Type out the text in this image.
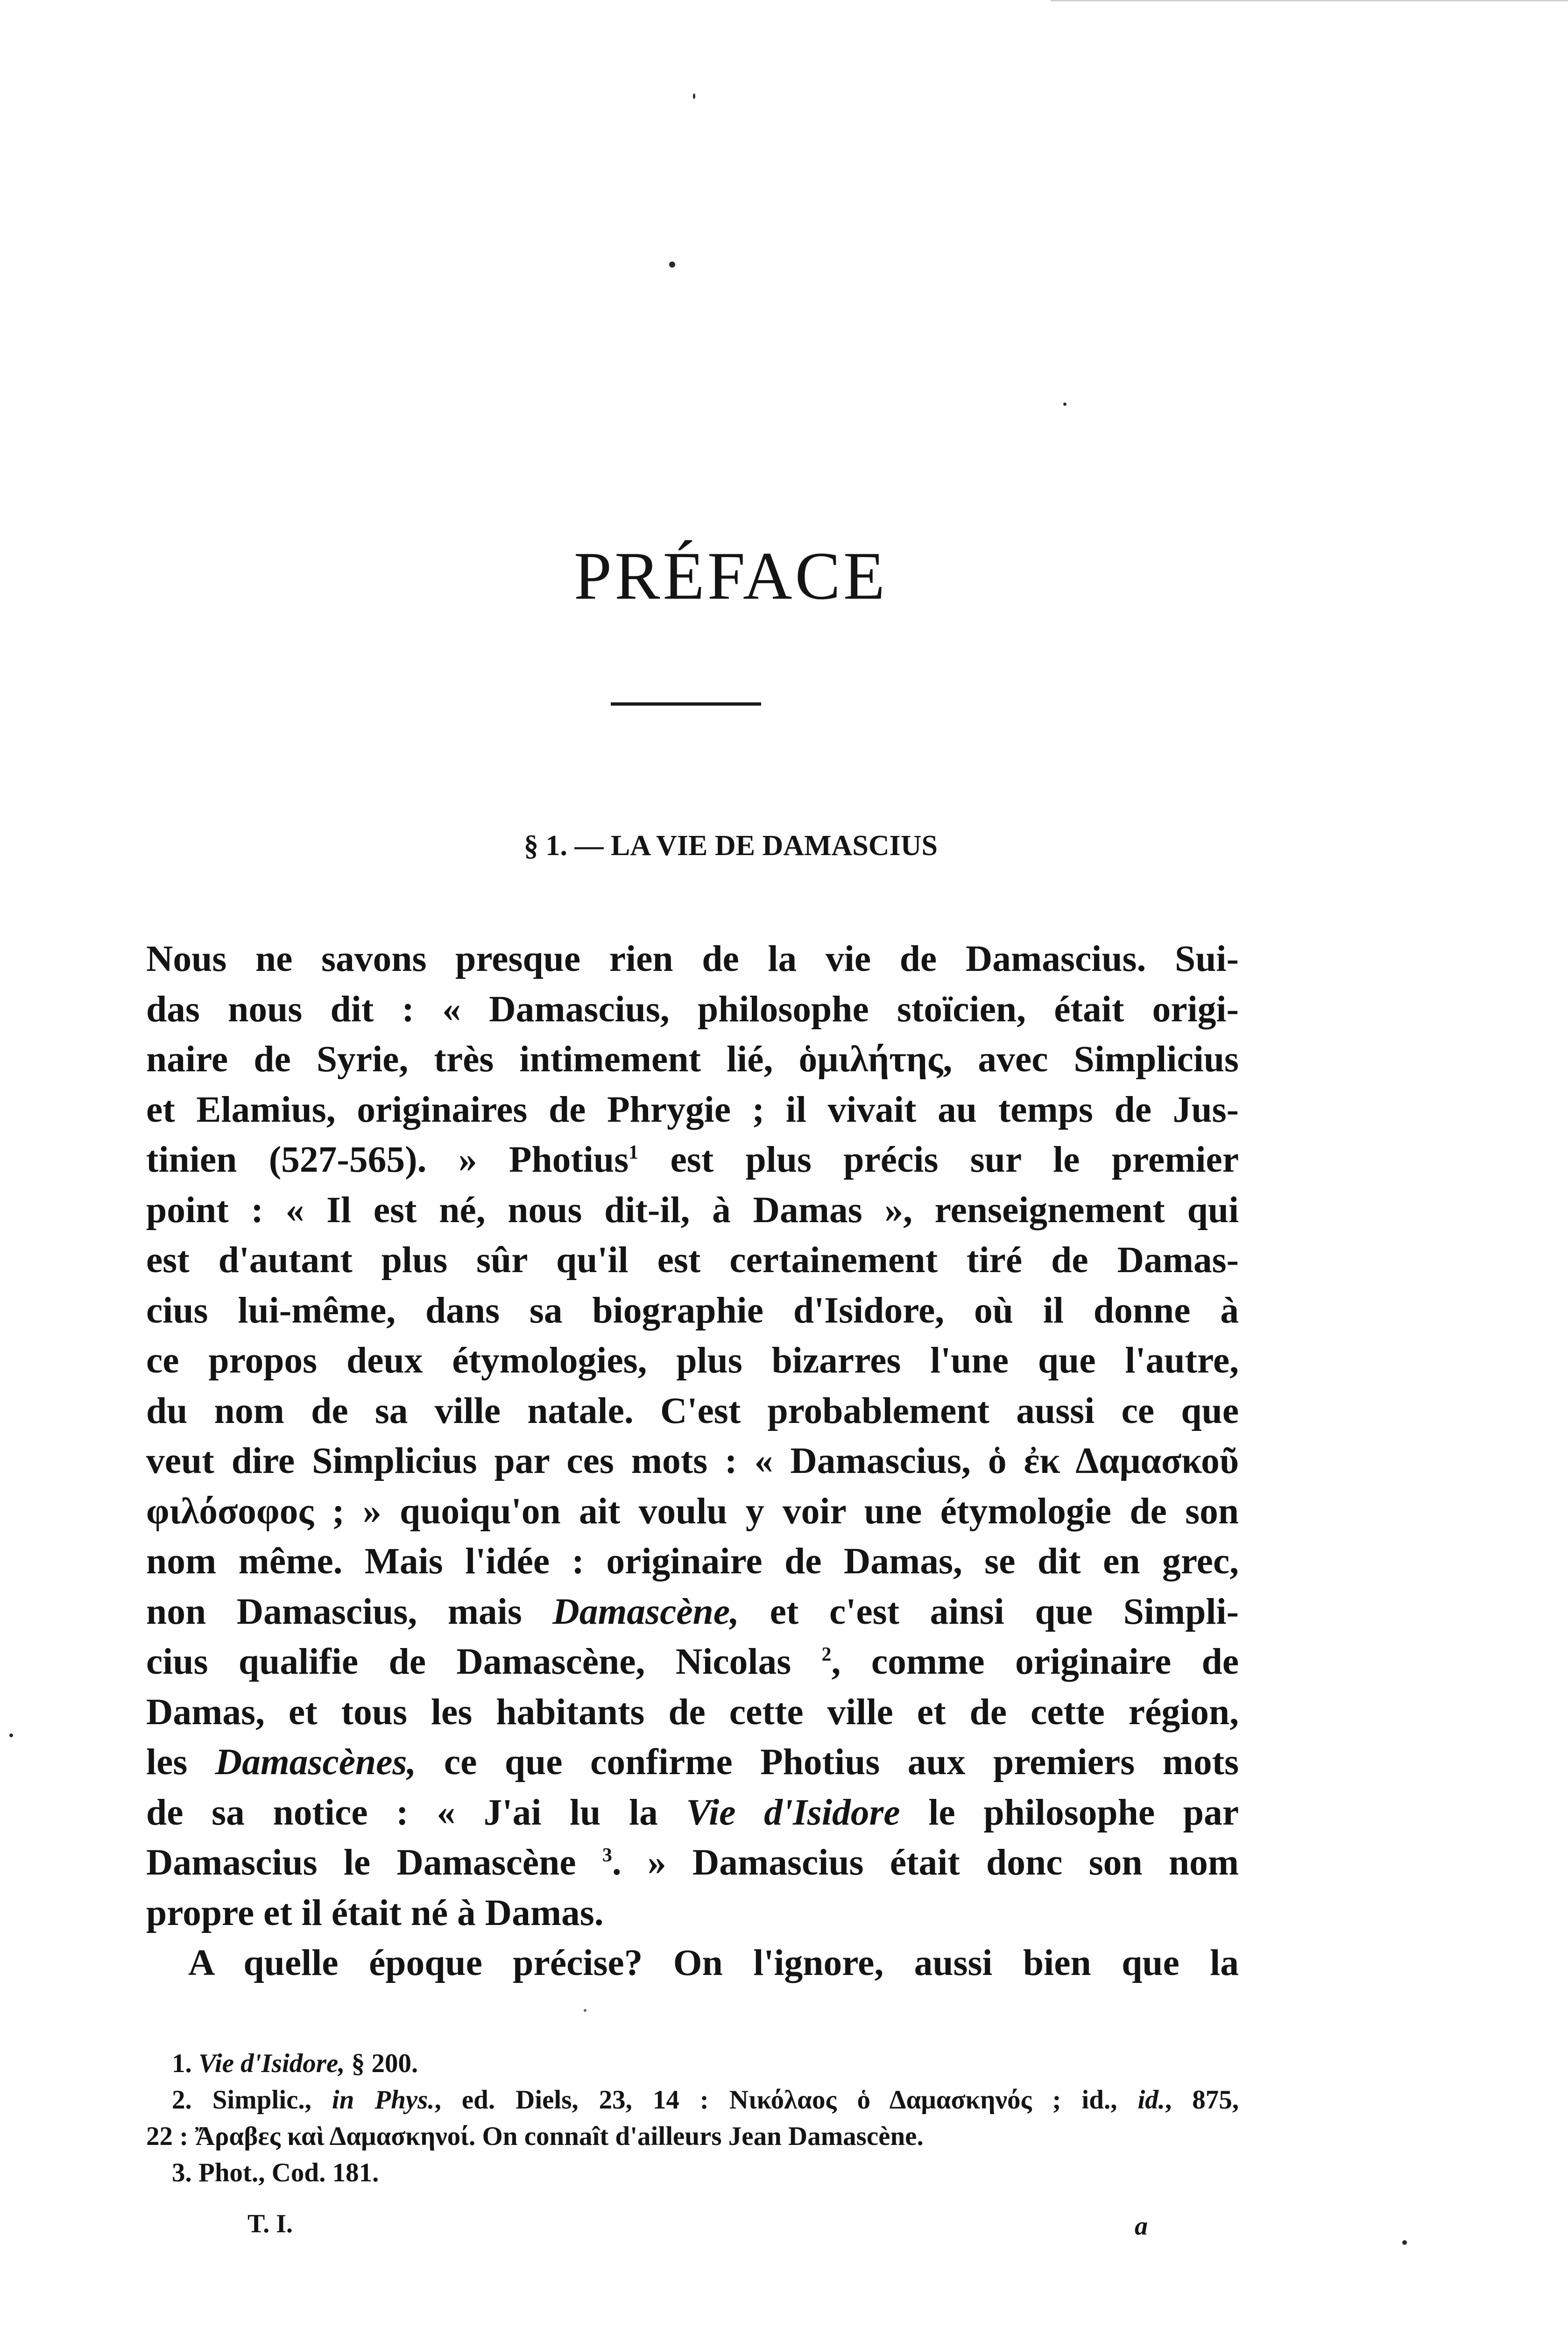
PRÉFACE
§ 1. — LA VIE DE DAMASCIUS
Nous ne savons presque rien de la vie de Damascius. Sui-
das nous dit : « Damascius, philosophe stoïcien, était origi-
naire de Syrie, très intimement lié, ὁμιλήτης, avec Simplicius
et Elamius, originaires de Phrygie ; il vivait au temps de Jus-
tinien (527-565). » Photius$^1$ est plus précis sur le premier
point : « Il est né, nous dit-il, à Damas », renseignement qui
est d'autant plus sûr qu'il est certainement tiré de Damas-
cius lui-même, dans sa biographie d'Isidore, où il donne à
ce propos deux étymologies, plus bizarres l'une que l'autre,
du nom de sa ville natale. C'est probablement aussi ce que
veut dire Simplicius par ces mots : « Damascius, ὁ ἐκ Δαμασκοῦ
φιλόσοφος ; » quoiqu'on ait voulu y voir une étymologie de son
nom même. Mais l'idée : originaire de Damas, se dit en grec,
non Damascius, mais Damascène, et c'est ainsi que Simpli-
cius qualifie de Damascène, Nicolas $^2$, comme originaire de
Damas, et tous les habitants de cette ville et de cette région,
les Damascènes, ce que confirme Photius aux premiers mots
de sa notice : « J'ai lu la Vie d'Isidore le philosophe par
Damascius le Damascène $^3$. » Damascius était donc son nom
propre et il était né à Damas.
A quelle époque précise? On l'ignore, aussi bien que la
1. Vie d'Isidore, § 200.
2. Simplic., in Phys., ed. Diels, 23, 14 : Νικόλαος ὁ Δαμασκηνός ; id., id., 875,
22 : Ἄραβες καὶ Δαμασκηνοί. On connaît d'ailleurs Jean Damascène.
3. Phot., Cod. 181.
T. I.	a
